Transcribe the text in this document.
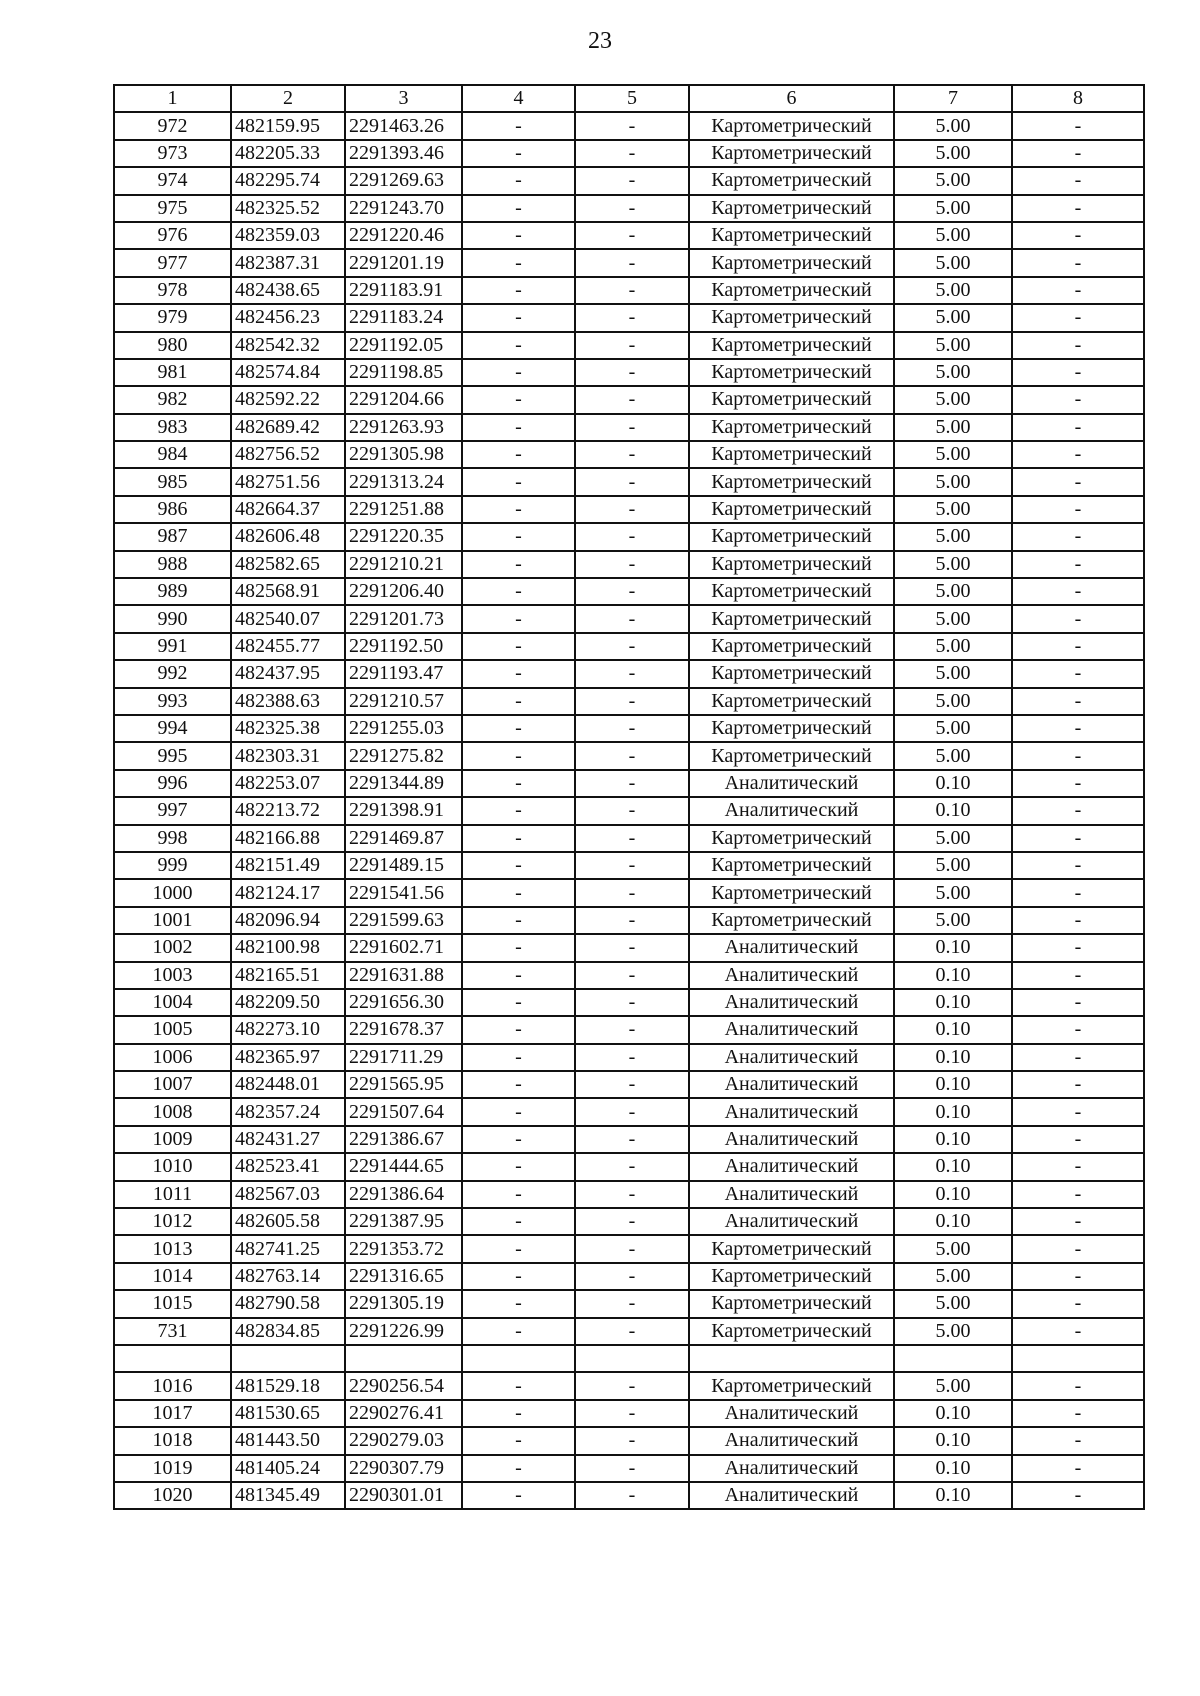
23
1	2	3	4	5	6	7	8
972	482159.95	2291463.26	-	-	Картометрический	5.00	-
973	482205.33	2291393.46	-	-	Картометрический	5.00	-
974	482295.74	2291269.63	-	-	Картометрический	5.00	-
975	482325.52	2291243.70	-	-	Картометрический	5.00	-
976	482359.03	2291220.46	-	-	Картометрический	5.00	-
977	482387.31	2291201.19	-	-	Картометрический	5.00	-
978	482438.65	2291183.91	-	-	Картометрический	5.00	-
979	482456.23	2291183.24	-	-	Картометрический	5.00	-
980	482542.32	2291192.05	-	-	Картометрический	5.00	-
981	482574.84	2291198.85	-	-	Картометрический	5.00	-
982	482592.22	2291204.66	-	-	Картометрический	5.00	-
983	482689.42	2291263.93	-	-	Картометрический	5.00	-
984	482756.52	2291305.98	-	-	Картометрический	5.00	-
985	482751.56	2291313.24	-	-	Картометрический	5.00	-
986	482664.37	2291251.88	-	-	Картометрический	5.00	-
987	482606.48	2291220.35	-	-	Картометрический	5.00	-
988	482582.65	2291210.21	-	-	Картометрический	5.00	-
989	482568.91	2291206.40	-	-	Картометрический	5.00	-
990	482540.07	2291201.73	-	-	Картометрический	5.00	-
991	482455.77	2291192.50	-	-	Картометрический	5.00	-
992	482437.95	2291193.47	-	-	Картометрический	5.00	-
993	482388.63	2291210.57	-	-	Картометрический	5.00	-
994	482325.38	2291255.03	-	-	Картометрический	5.00	-
995	482303.31	2291275.82	-	-	Картометрический	5.00	-
996	482253.07	2291344.89	-	-	Аналитический	0.10	-
997	482213.72	2291398.91	-	-	Аналитический	0.10	-
998	482166.88	2291469.87	-	-	Картометрический	5.00	-
999	482151.49	2291489.15	-	-	Картометрический	5.00	-
1000	482124.17	2291541.56	-	-	Картометрический	5.00	-
1001	482096.94	2291599.63	-	-	Картометрический	5.00	-
1002	482100.98	2291602.71	-	-	Аналитический	0.10	-
1003	482165.51	2291631.88	-	-	Аналитический	0.10	-
1004	482209.50	2291656.30	-	-	Аналитический	0.10	-
1005	482273.10	2291678.37	-	-	Аналитический	0.10	-
1006	482365.97	2291711.29	-	-	Аналитический	0.10	-
1007	482448.01	2291565.95	-	-	Аналитический	0.10	-
1008	482357.24	2291507.64	-	-	Аналитический	0.10	-
1009	482431.27	2291386.67	-	-	Аналитический	0.10	-
1010	482523.41	2291444.65	-	-	Аналитический	0.10	-
1011	482567.03	2291386.64	-	-	Аналитический	0.10	-
1012	482605.58	2291387.95	-	-	Аналитический	0.10	-
1013	482741.25	2291353.72	-	-	Картометрический	5.00	-
1014	482763.14	2291316.65	-	-	Картометрический	5.00	-
1015	482790.58	2291305.19	-	-	Картометрический	5.00	-
731	482834.85	2291226.99	-	-	Картометрический	5.00	-

1016	481529.18	2290256.54	-	-	Картометрический	5.00	-
1017	481530.65	2290276.41	-	-	Аналитический	0.10	-
1018	481443.50	2290279.03	-	-	Аналитический	0.10	-
1019	481405.24	2290307.79	-	-	Аналитический	0.10	-
1020	481345.49	2290301.01	-	-	Аналитический	0.10	-
